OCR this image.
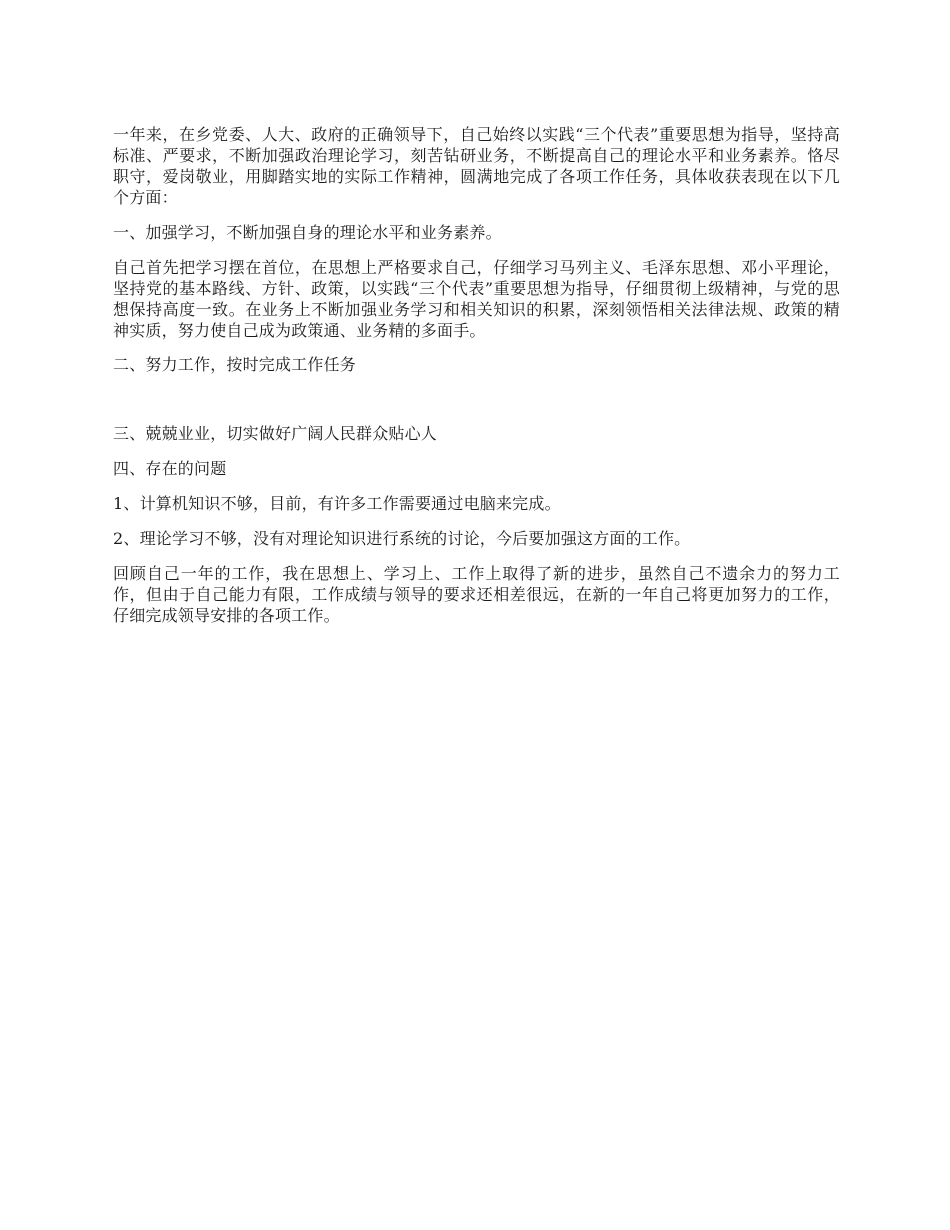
一年来，在乡党委、人大、政府的正确领导下，自己始终以实践“三个代表”重要思想为指导，坚持高标准、严要求，不断加强政治理论学习，刻苦钻研业务，不断提高自己的理论水平和业务素养。恪尽职守，爱岗敬业，用脚踏实地的实际工作精神，圆满地完成了各项工作任务，具体收获表现在以下几个方面：

一、加强学习，不断加强自身的理论水平和业务素养。

自己首先把学习摆在首位，在思想上严格要求自己，仔细学习马列主义、毛泽东思想、邓小平理论，坚持党的基本路线、方针、政策，以实践“三个代表”重要思想为指导，仔细贯彻上级精神，与党的思想保持高度一致。在业务上不断加强业务学习和相关知识的积累，深刻领悟相关法律法规、政策的精神实质，努力使自己成为政策通、业务精的多面手。

二、努力工作，按时完成工作任务

三、兢兢业业，切实做好广阔人民群众贴心人

四、存在的问题

1、计算机知识不够，目前，有许多工作需要通过电脑来完成。

2、理论学习不够，没有对理论知识进行系统的讨论，今后要加强这方面的工作。

回顾自己一年的工作，我在思想上、学习上、工作上取得了新的进步，虽然自己不遗余力的努力工作，但由于自己能力有限，工作成绩与领导的要求还相差很远，在新的一年自己将更加努力的工作，仔细完成领导安排的各项工作。
